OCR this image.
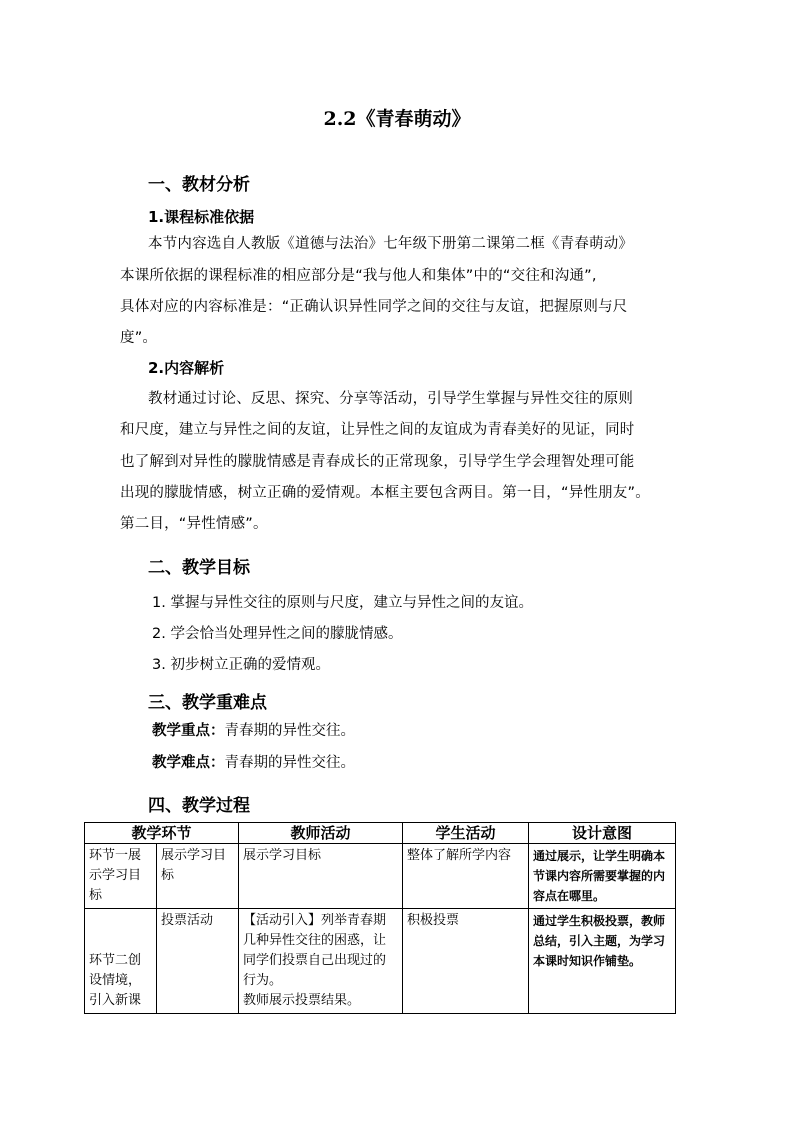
2.2《青春萌动》
一、教材分析
1.课程标准依据
本节内容选自人教版《道德与法治》七年级下册第二课第二框《青春萌动》
本课所依据的课程标准的相应部分是“我与他人和集体”中的“交往和沟通”,
具体对应的内容标准是：“正确认识异性同学之间的交往与友谊，把握原则与尺
度”。
2.内容解析
教材通过讨论、反思、探究、分享等活动，引导学生掌握与异性交往的原则
和尺度，建立与异性之间的友谊，让异性之间的友谊成为青春美好的见证，同时
也了解到对异性的朦胧情感是青春成长的正常现象，引导学生学会理智处理可能
出现的朦胧情感，树立正确的爱情观。本框主要包含两目。第一目，“异性朋友”。
第二目，“异性情感”。
二、教学目标
1. 掌握与异性交往的原则与尺度，建立与异性之间的友谊。
2. 学会恰当处理异性之间的朦胧情感。
3. 初步树立正确的爱情观。
三、教学重难点
教学重点：青春期的异性交往。
教学难点：青春期的异性交往。
四、教学过程
教学环节		教师活动	学生活动	设计意图
环节一展示学习目标	展示学习目标	展示学习目标	整体了解所学内容	通过展示，让学生明确本节课内容所需要掌握的内容点在哪里。
环节二创设情境，引入新课	投票活动	【活动引入】列举青春期几种异性交往的困惑，让同学们投票自己出现过的行为。
教师展示投票结果。	积极投票	通过学生积极投票，教师总结，引入主题，为学习本课时知识作铺垫。
